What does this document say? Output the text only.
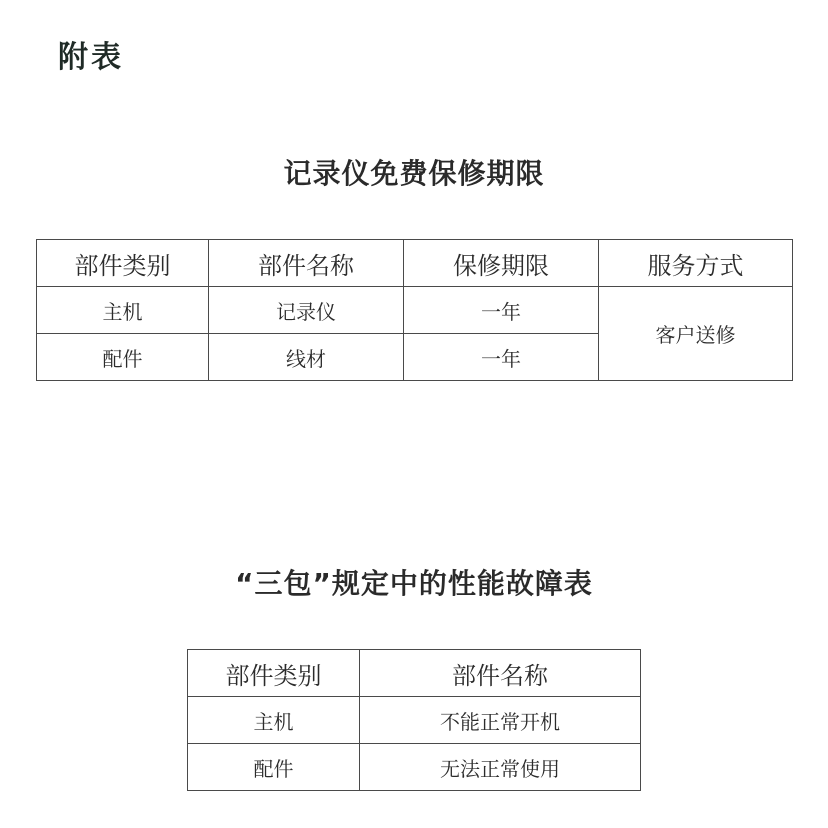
附表
记录仪免费保修期限
部件类别	部件名称	保修期限	服务方式
主机	记录仪	一年	客户送修
配件	线材	一年	
“三包”规定中的性能故障表
部件类别	部件名称
主机	不能正常开机
配件	无法正常使用
